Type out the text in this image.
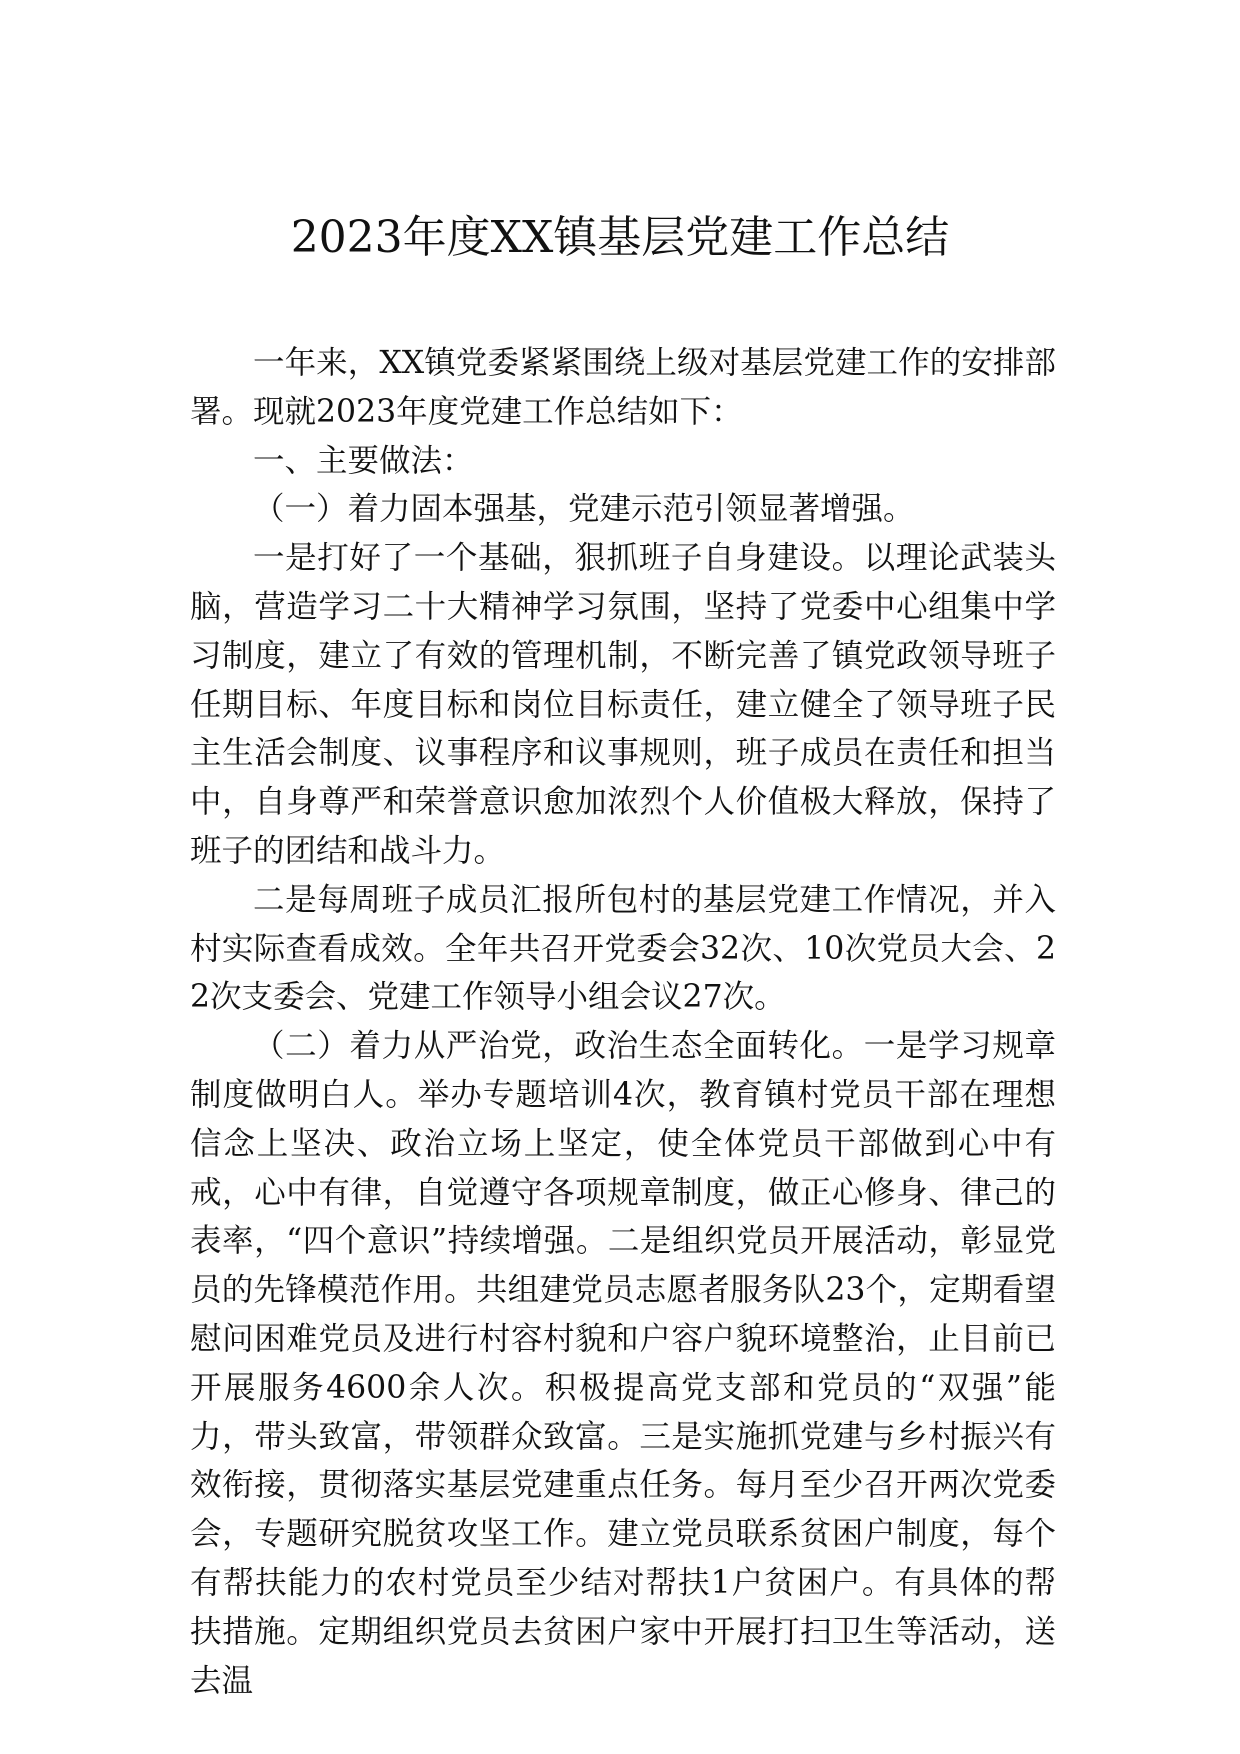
2023年度XX镇基层党建工作总结

一年来，XX镇党委紧紧围绕上级对基层党建工作的安排部署。现就2023年度党建工作总结如下：

一、主要做法：

（一）着力固本强基，党建示范引领显著增强。

一是打好了一个基础，狠抓班子自身建设。以理论武装头脑，营造学习二十大精神学习氛围，坚持了党委中心组集中学习制度，建立了有效的管理机制，不断完善了镇党政领导班子任期目标、年度目标和岗位目标责任，建立健全了领导班子民主生活会制度、议事程序和议事规则，班子成员在责任和担当中，自身尊严和荣誉意识愈加浓烈个人价值极大释放，保持了班子的团结和战斗力。

二是每周班子成员汇报所包村的基层党建工作情况，并入村实际查看成效。全年共召开党委会32次、10次党员大会、22次支委会、党建工作领导小组会议27次。

（二）着力从严治党，政治生态全面转化。一是学习规章制度做明白人。举办专题培训4次，教育镇村党员干部在理想信念上坚决、政治立场上坚定，使全体党员干部做到心中有戒，心中有律，自觉遵守各项规章制度，做正心修身、律己的表率，“四个意识”持续增强。二是组织党员开展活动，彰显党员的先锋模范作用。共组建党员志愿者服务队23个，定期看望慰问困难党员及进行村容村貌和户容户貌环境整治，止目前已开展服务4600余人次。积极提高党支部和党员的“双强”能力，带头致富，带领群众致富。三是实施抓党建与乡村振兴有效衔接，贯彻落实基层党建重点任务。每月至少召开两次党委会，专题研究脱贫攻坚工作。建立党员联系贫困户制度，每个有帮扶能力的农村党员至少结对帮扶1户贫困户。有具体的帮扶措施。定期组织党员去贫困户家中开展打扫卫生等活动，送去温
